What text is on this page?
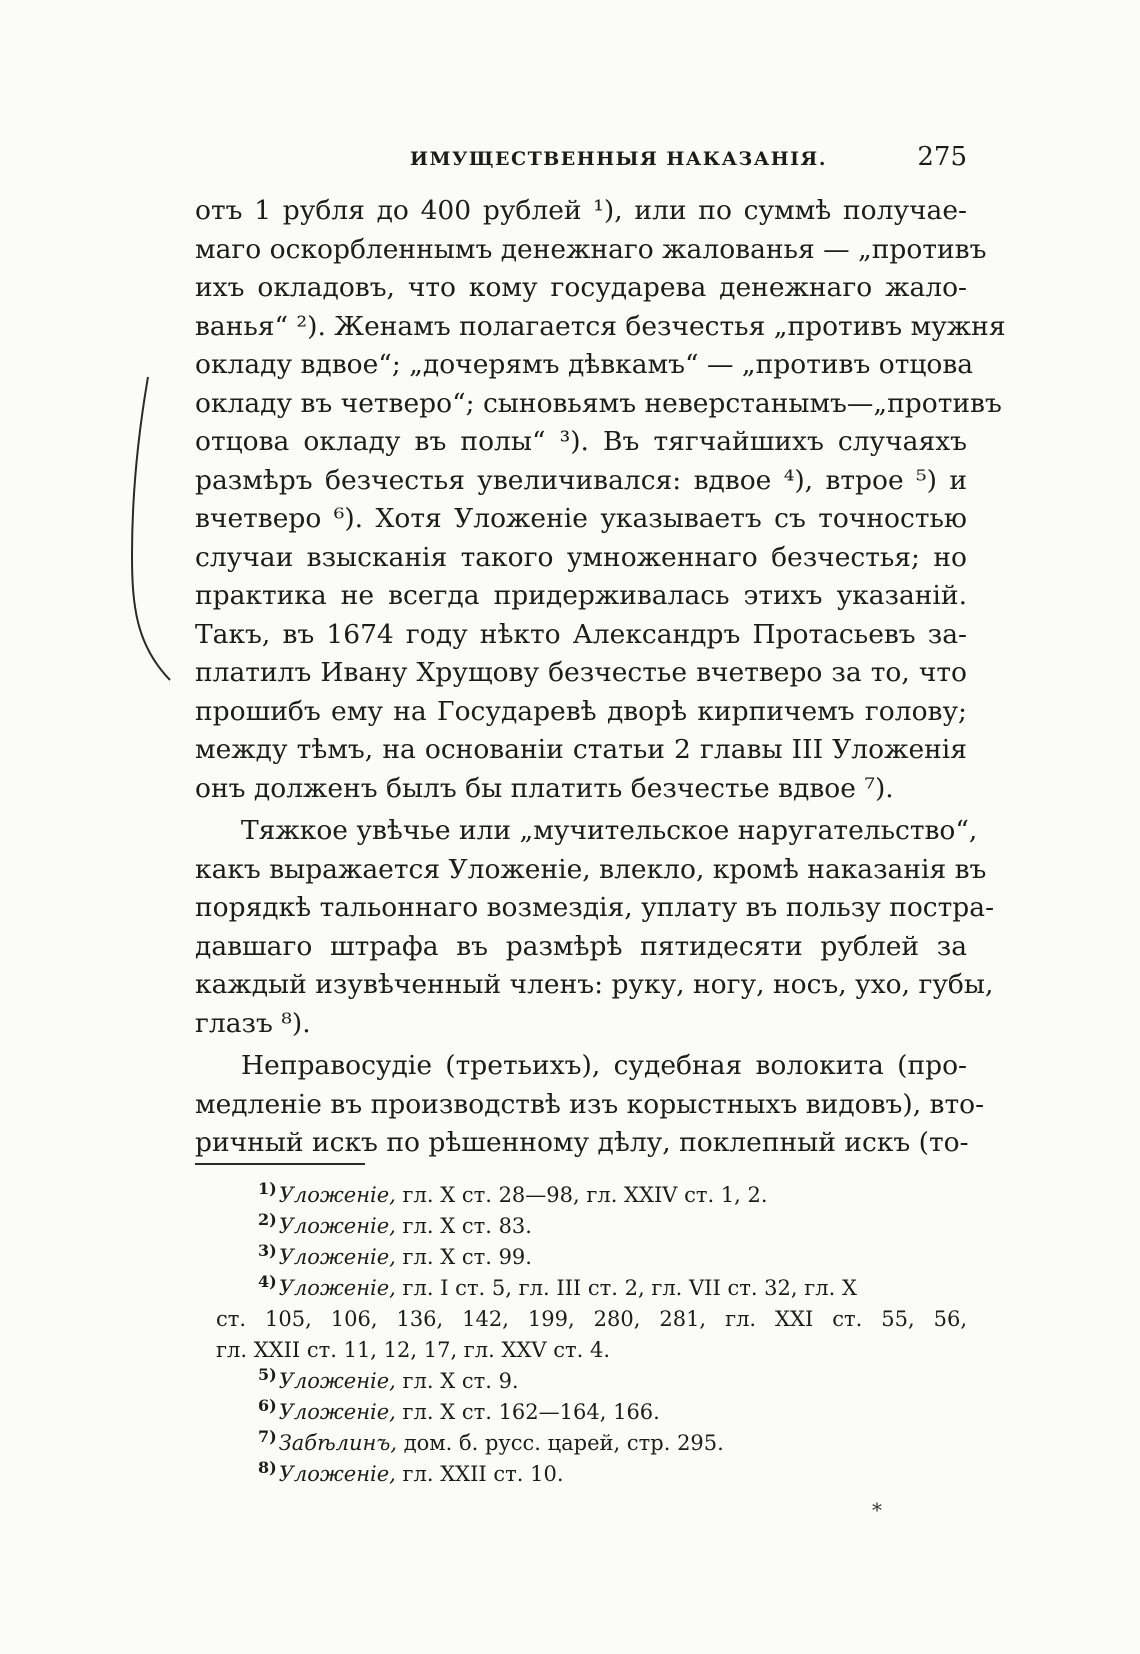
ИМУЩЕСТВЕННЫЯ НАКАЗАНІЯ.	275
отъ 1 рубля до 400 рублей ¹), или по суммѣ получае-
маго оскорбленнымъ денежнаго жалованья — „противъ
ихъ окладовъ, что кому государева денежнаго жало-
ванья“ ²). Женамъ полагается безчестья „противъ мужня
окладу вдвое“; „дочерямъ дѣвкамъ“ — „противъ отцова
окладу въ четверо“; сыновьямъ неверстанымъ—„противъ
отцова окладу въ полы“ ³). Въ тягчайшихъ случаяхъ
размѣръ безчестья увеличивался: вдвое ⁴), втрое ⁵) и
вчетверо ⁶). Хотя Уложеніе указываетъ съ точностью
случаи взысканія такого умноженнаго безчестья; но
практика не всегда придерживалась этихъ указаній.
Такъ, въ 1674 году нѣкто Александръ Протасьевъ за-
платилъ Ивану Хрущову безчестье вчетверо за то, что
прошибъ ему на Государевѣ дворѣ кирпичемъ голову;
между тѣмъ, на основаніи статьи 2 главы III Уложенія
онъ долженъ былъ бы платить безчестье вдвое ⁷).
Тяжкое увѣчье или „мучительское наругательство“,
какъ выражается Уложеніе, влекло, кромѣ наказанія въ
порядкѣ тальоннаго возмездія, уплату въ пользу постра-
давшаго штрафа въ размѣрѣ пятидесяти рублей за
каждый изувѣченный членъ: руку, ногу, носъ, ухо, губы,
глазъ ⁸).
Неправосудіе (третьихъ), судебная волокита (про-
медленіе въ производствѣ изъ корыстныхъ видовъ), вто-
ричный искъ по рѣшенному дѣлу, поклепный искъ (то-
$^{1)}$Уложеніе, гл. X ст. 28—98, гл. XXIV ст. 1, 2.
$^{2)}$Уложеніе, гл. X ст. 83.
$^{3)}$Уложеніе, гл. X ст. 99.
$^{4)}$Уложеніе, гл. I ст. 5, гл. III ст. 2, гл. VII ст. 32, гл. X
ст. 105, 106, 136, 142, 199, 280, 281, гл. XXI ст. 55, 56,
гл. XXII ст. 11, 12, 17, гл. XXV ст. 4.
$^{5)}$Уложеніе, гл. X ст. 9.
$^{6)}$Уложеніе, гл. X ст. 162—164, 166.
$^{7)}$Забѣлинъ, дом. б. русс. царей, стр. 295.
$^{8)}$Уложеніе, гл. XXII ст. 10.
*
